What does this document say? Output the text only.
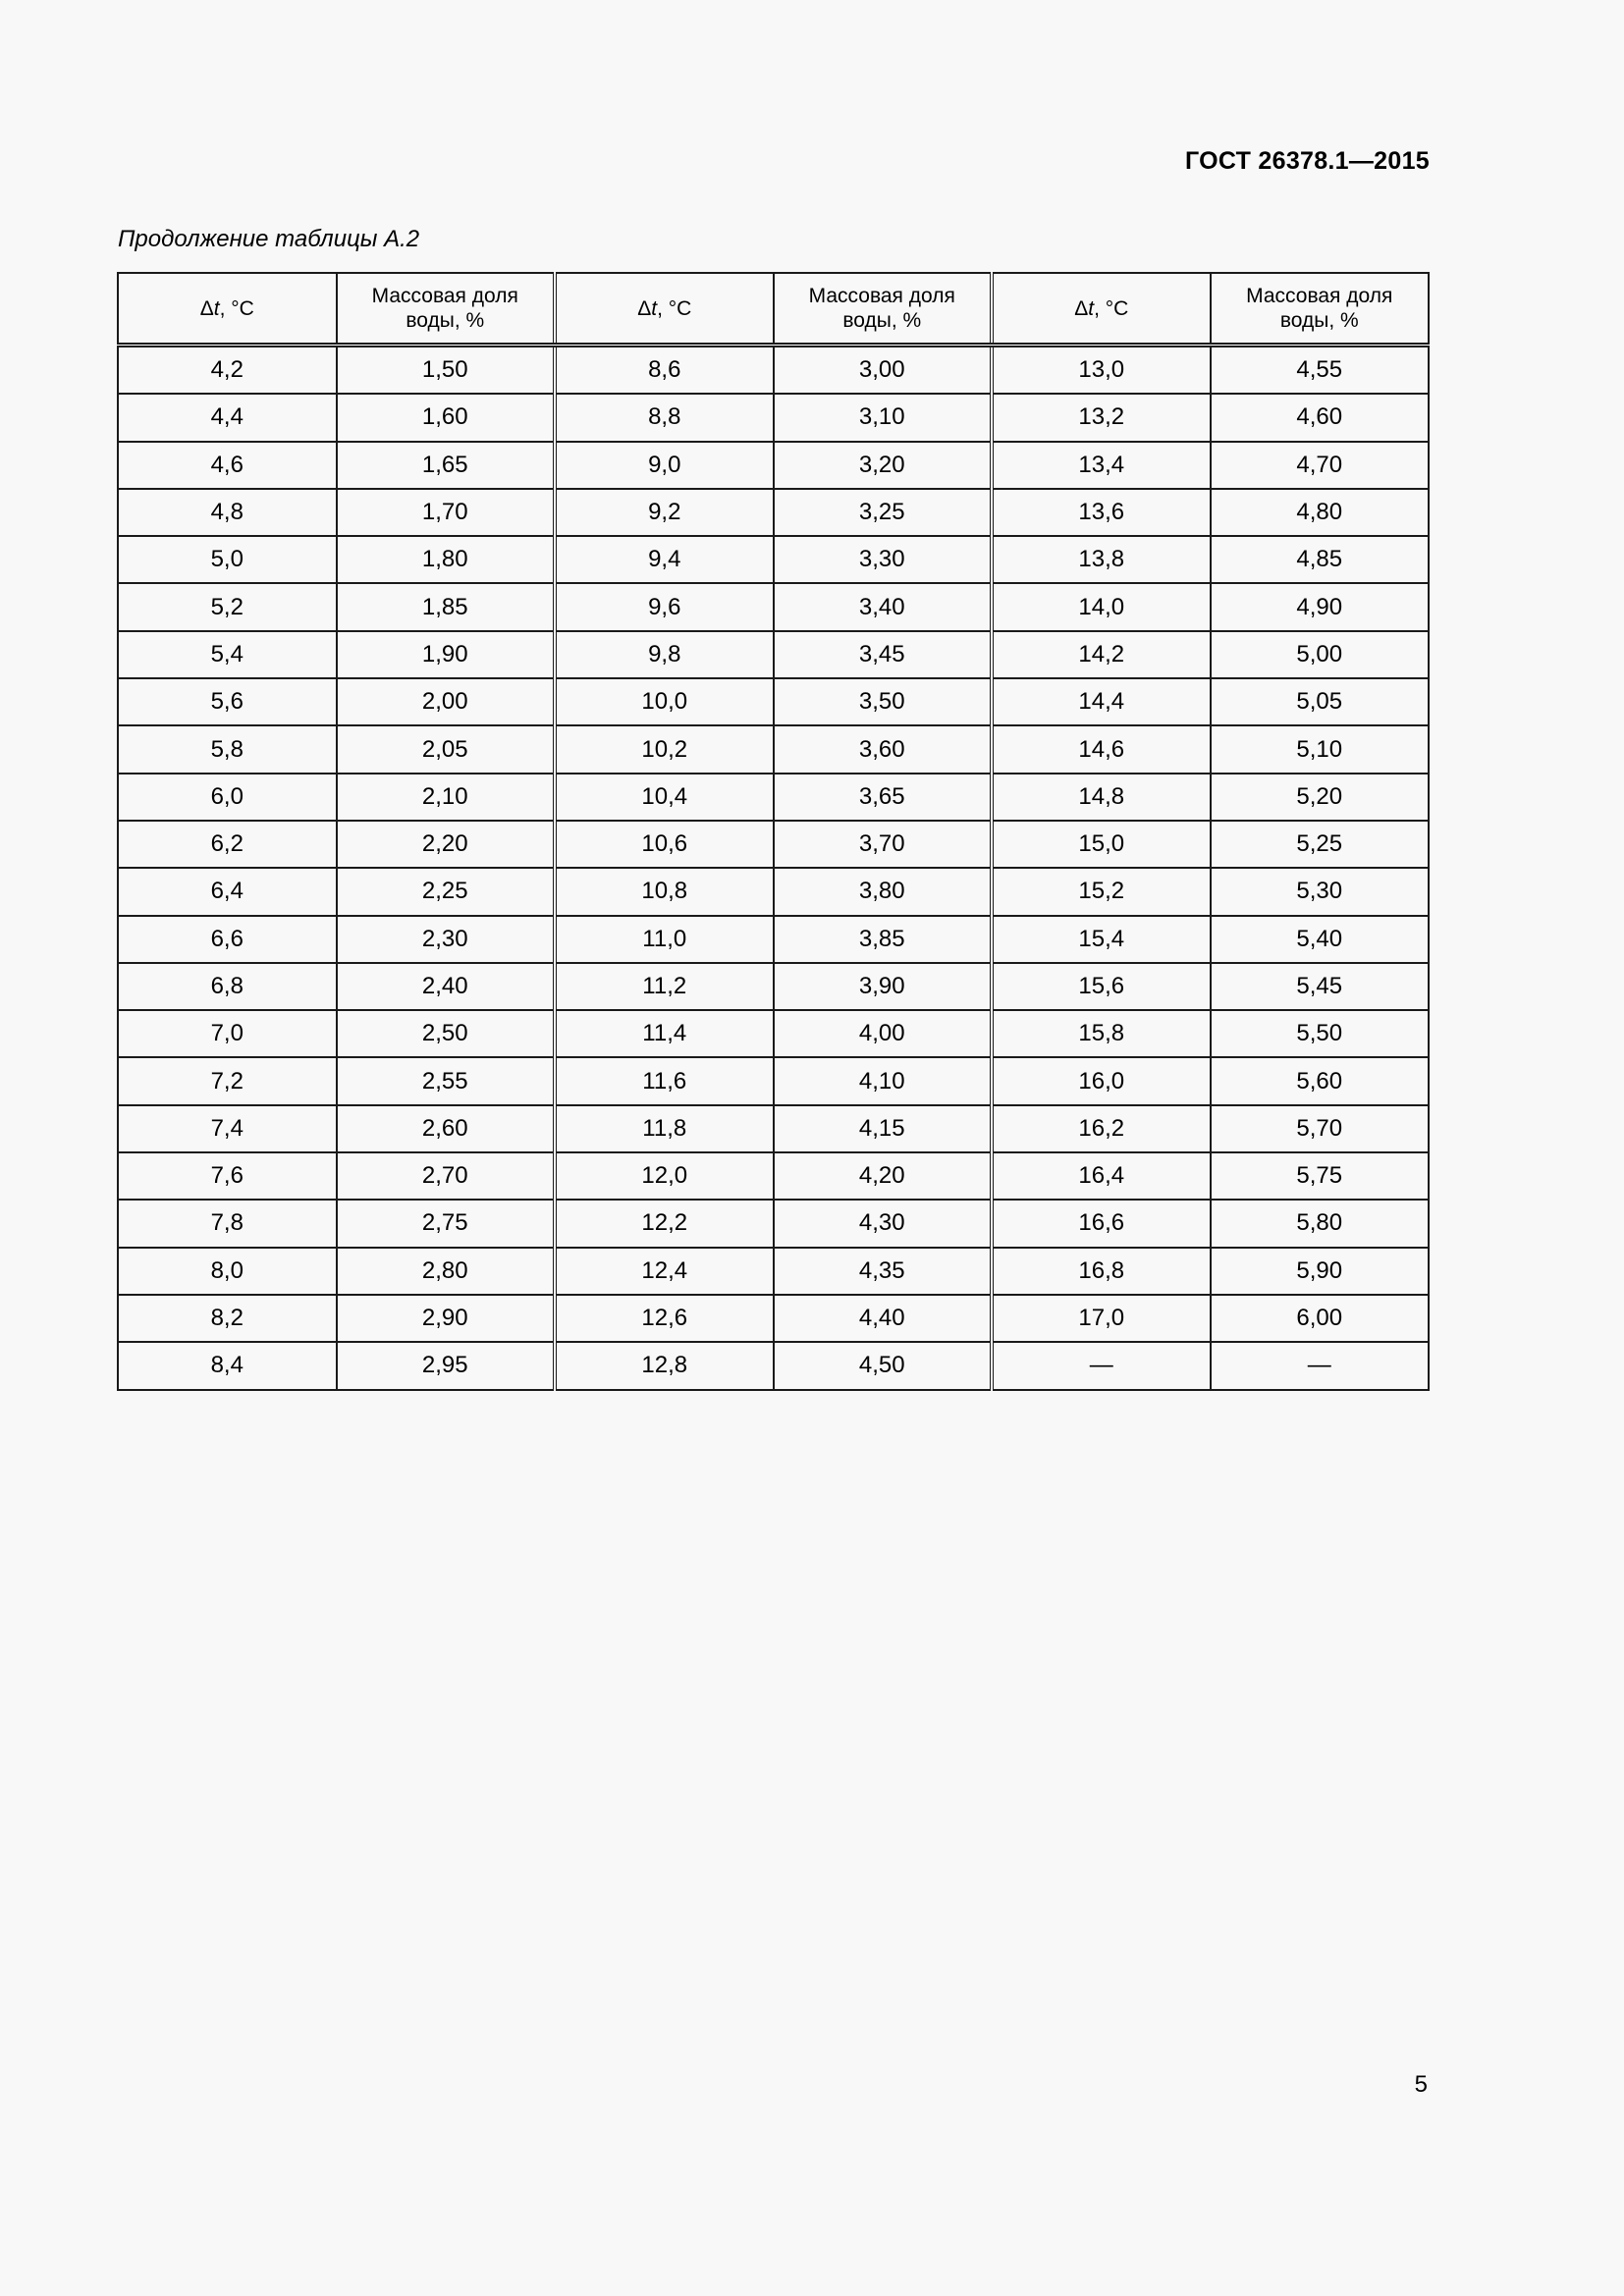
ГОСТ 26378.1—2015
Продолжение таблицы А.2
Δt, °C	Массовая доля
воды, %	Δt, °C	Массовая доля
воды, %	Δt, °C	Массовая доля
воды, %
4,2	1,50	8,6	3,00	13,0	4,55
4,4	1,60	8,8	3,10	13,2	4,60
4,6	1,65	9,0	3,20	13,4	4,70
4,8	1,70	9,2	3,25	13,6	4,80
5,0	1,80	9,4	3,30	13,8	4,85
5,2	1,85	9,6	3,40	14,0	4,90
5,4	1,90	9,8	3,45	14,2	5,00
5,6	2,00	10,0	3,50	14,4	5,05
5,8	2,05	10,2	3,60	14,6	5,10
6,0	2,10	10,4	3,65	14,8	5,20
6,2	2,20	10,6	3,70	15,0	5,25
6,4	2,25	10,8	3,80	15,2	5,30
6,6	2,30	11,0	3,85	15,4	5,40
6,8	2,40	11,2	3,90	15,6	5,45
7,0	2,50	11,4	4,00	15,8	5,50
7,2	2,55	11,6	4,10	16,0	5,60
7,4	2,60	11,8	4,15	16,2	5,70
7,6	2,70	12,0	4,20	16,4	5,75
7,8	2,75	12,2	4,30	16,6	5,80
8,0	2,80	12,4	4,35	16,8	5,90
8,2	2,90	12,6	4,40	17,0	6,00
8,4	2,95	12,8	4,50	—	—
5
